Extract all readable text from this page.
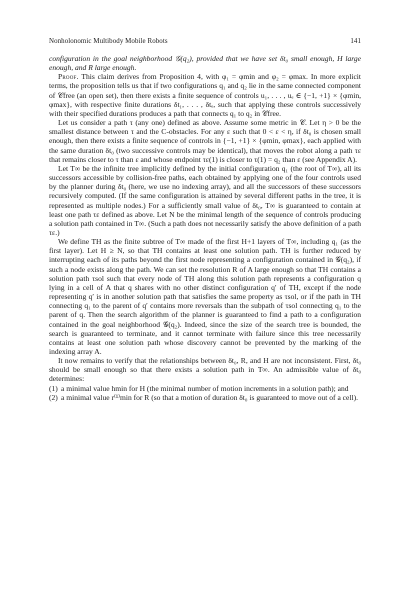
Nonholonomic Multibody Mobile Robots	141

configuration in the goal neighborhood 𝒢(q₂), provided that we have set δt₀ small enough, H large enough, and R large enough.

Proof. This claim derives from Proposition 4, with φ₁ = φmin and φ₂ = φmax. In more explicit terms, the proposition tells us that if two configurations q₁ and q₂ lie in the same connected component of 𝒞free (an open set), then there exists a finite sequence of controls u₁, . . . , uₑ ∈ {−1, +1} × {φmin, φmax}, with respective finite durations δt₁, . . . , δtₑ, such that applying these controls successively with their specified durations produces a path that connects q₁ to q₂ in 𝒞free.

Let us consider a path τ (any one) defined as above. Assume some metric in 𝒞. Let η > 0 be the smallest distance between τ and the C-obstacles. For any ε such that 0 < ε < η, if δt₀ is chosen small enough, then there exists a finite sequence of controls in {−1, +1} × {φmin, φmax}, each applied with the same duration δt₀ (two successive controls may be identical), that moves the robot along a path τε that remains closer to τ than ε and whose endpoint τε(1) is closer to τ(1) = q₂ than ε (see Appendix A).

Let T∞ be the infinite tree implicitly defined by the initial configuration q₁ (the root of T∞), all its successors accessible by collision-free paths, each obtained by applying one of the four controls used by the planner during δt₀ (here, we use no indexing array), and all the successors of these successors recursively computed. (If the same configuration is attained by several different paths in the tree, it is represented as multiple nodes.) For a sufficiently small value of δt₀, T∞ is guaranteed to contain at least one path τε defined as above. Let N be the minimal length of the sequence of controls producing a solution path contained in T∞. (Such a path does not necessarily satisfy the above definition of a path τε.)

We define TH as the finite subtree of T∞ made of the first H+1 layers of T∞, including q₁ (as the first layer). Let H ≥ N, so that TH contains at least one solution path. TH is further reduced by interrupting each of its paths beyond the first node representing a configuration contained in 𝒢(q₂), if such a node exists along the path. We can set the resolution R of A large enough so that TH contains a solution path τsol such that every node of TH along this solution path represents a configuration q lying in a cell of A that q shares with no other distinct configuration q′ of TH, except if the node representing q′ is in another solution path that satisfies the same property as τsol, or if the path in TH connecting q₁ to the parent of q′ contains more reversals than the subpath of τsol connecting q₁ to the parent of q. Then the search algorithm of the planner is guaranteed to find a path to a configuration contained in the goal neighborhood 𝒢(q₂). Indeed, since the size of the search tree is bounded, the search is guaranteed to terminate, and it cannot terminate with failure since this tree necessarily contains at least one solution path whose discovery cannot be prevented by the marking of the indexing array A.

It now remains to verify that the relationships between δt₀, R, and H are not inconsistent. First, δt₀ should be small enough so that there exists a solution path in T∞. An admissible value of δt₀ determines:

(1) a minimal value hmin for H (the minimal number of motion increments in a solution path); and
(2) a minimal value r⁽¹⁾min for R (so that a motion of duration δt₀ is guaranteed to move out of a cell).
